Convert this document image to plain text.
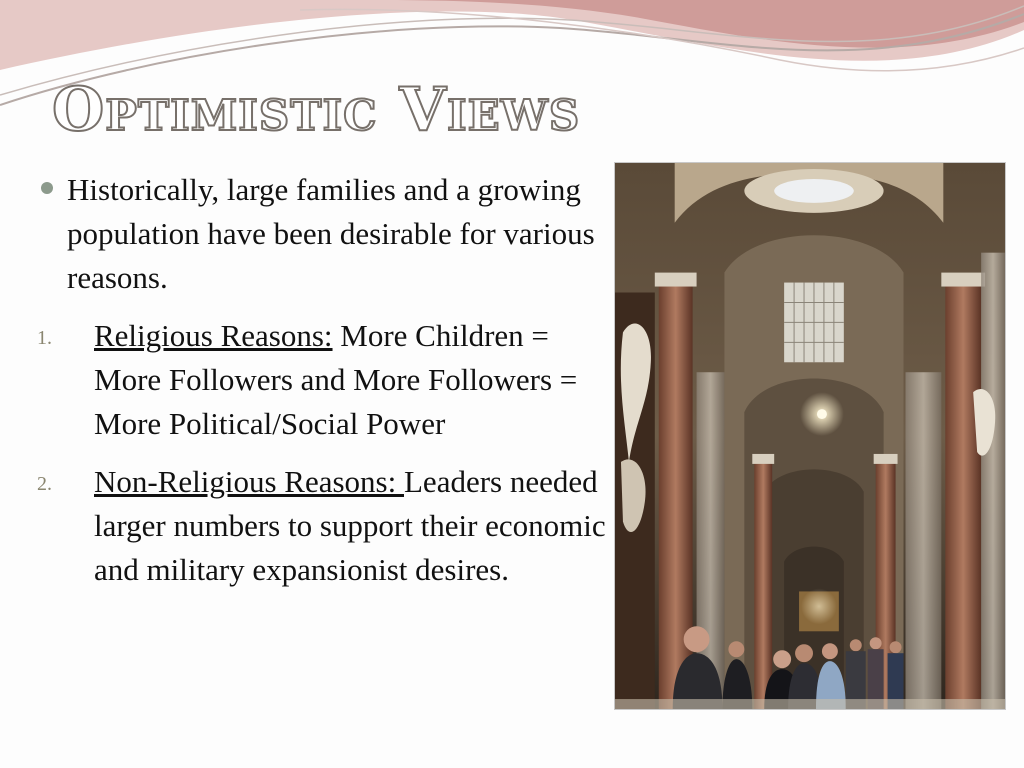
Optimistic Views
Historically, large families and a growing population have been desirable for various reasons.
1. Religious Reasons: More Children = More Followers and More Followers = More Political/Social Power
2. Non-Religious Reasons: Leaders needed larger numbers to support their economic and military expansionist desires.
